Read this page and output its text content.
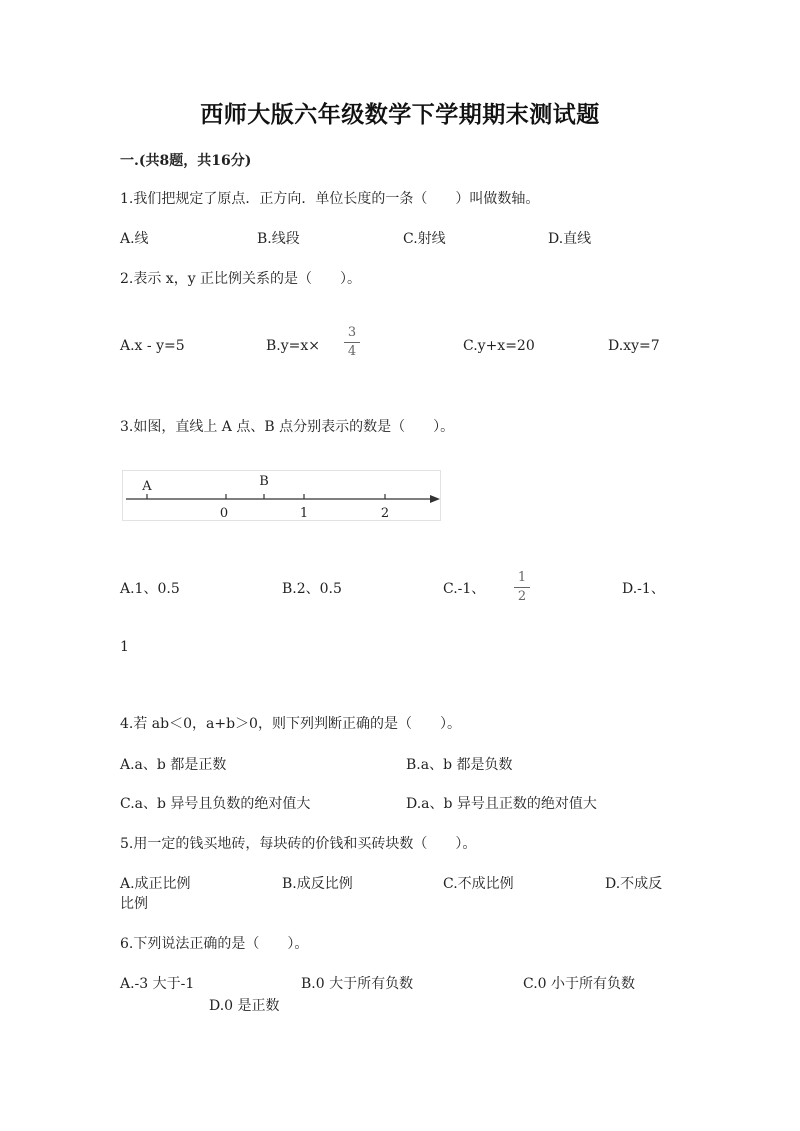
西师大版六年级数学下学期期末测试题
一.(共8题，共16分)
1.我们把规定了原点．正方向．单位长度的一条（　　）叫做数轴。
A.线	B.线段	C.射线	D.直线
2.表示 x，y 正比例关系的是（　　）。
A.x - y=5	B.y=x×
3
4	C.y+x=20	D.xy=7
3.如图，直线上 A 点、B 点分别表示的数是（　　）。
A	B
0	1	2
A.1、0.5	B.2、0.5	C.-1、
1
2	D.-1、
1
4.若 ab＜0，a+b＞0，则下列判断正确的是（　　）。
A.a、b 都是正数	B.a、b 都是负数
C.a、b 异号且负数的绝对值大	D.a、b 异号且正数的绝对值大
5.用一定的钱买地砖，每块砖的价钱和买砖块数（　　）。
A.成正比例	B.成反比例	C.不成比例	D.不成反
比例
6.下列说法正确的是（　　）。
A.-3 大于-1	B.0 大于所有负数	C.0 小于所有负数
D.0 是正数
